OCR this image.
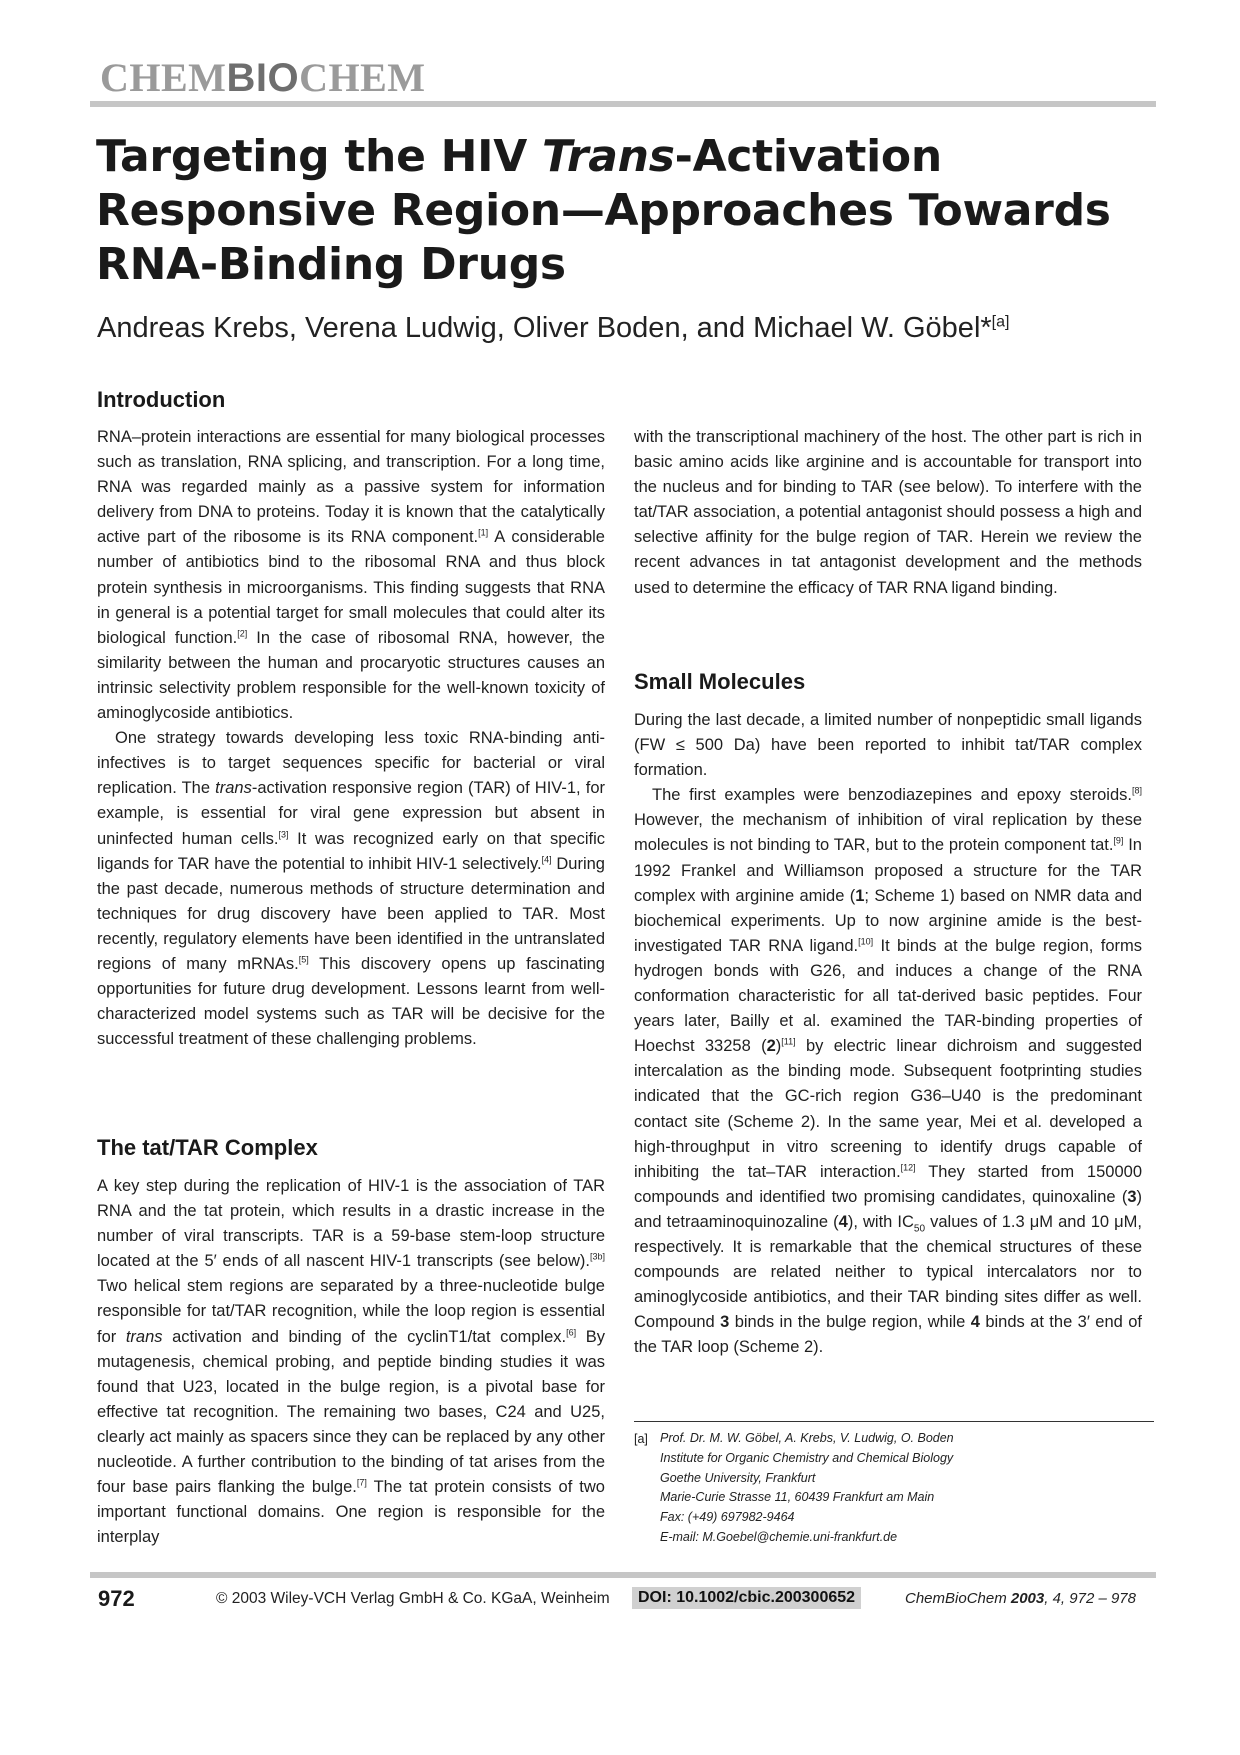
CHEMBIOCHEM
Targeting the HIV Trans-Activation Responsive Region—Approaches Towards RNA-Binding Drugs

Andreas Krebs, Verena Ludwig, Oliver Boden, and Michael W. Göbel*[a]

Introduction

RNA–protein interactions are essential for many biological processes such as translation, RNA splicing, and transcription. For a long time, RNA was regarded mainly as a passive system for information delivery from DNA to proteins. Today it is known that the catalytically active part of the ribosome is its RNA component.[1] A considerable number of antibiotics bind to the ribosomal RNA and thus block protein synthesis in microorganisms. This finding suggests that RNA in general is a potential target for small molecules that could alter its biological function.[2] In the case of ribosomal RNA, however, the similarity between the human and procaryotic structures causes an intrinsic selectivity problem responsible for the well-known toxicity of aminoglycoside antibiotics.

One strategy towards developing less toxic RNA-binding antiinfectives is to target sequences specific for bacterial or viral replication. The trans-activation responsive region (TAR) of HIV-1, for example, is essential for viral gene expression but absent in uninfected human cells.[3] It was recognized early on that specific ligands for TAR have the potential to inhibit HIV-1 selectively.[4] During the past decade, numerous methods of structure determination and techniques for drug discovery have been applied to TAR. Most recently, regulatory elements have been identified in the untranslated regions of many mRNAs.[5] This discovery opens up fascinating opportunities for future drug development. Lessons learnt from well-characterized model systems such as TAR will be decisive for the successful treatment of these challenging problems.

The tat/TAR Complex

A key step during the replication of HIV-1 is the association of TAR RNA and the tat protein, which results in a drastic increase in the number of viral transcripts. TAR is a 59-base stem-loop structure located at the 5′ ends of all nascent HIV-1 transcripts (see below).[3b] Two helical stem regions are separated by a three-nucleotide bulge responsible for tat/TAR recognition, while the loop region is essential for trans activation and binding of the cyclinT1/tat complex.[6] By mutagenesis, chemical probing, and peptide binding studies it was found that U23, located in the bulge region, is a pivotal base for effective tat recognition. The remaining two bases, C24 and U25, clearly act mainly as spacers since they can be replaced by any other nucleotide. A further contribution to the binding of tat arises from the four base pairs flanking the bulge.[7] The tat protein consists of two important functional domains. One region is responsible for the interplay

with the transcriptional machinery of the host. The other part is rich in basic amino acids like arginine and is accountable for transport into the nucleus and for binding to TAR (see below). To interfere with the tat/TAR association, a potential antagonist should possess a high and selective affinity for the bulge region of TAR. Herein we review the recent advances in tat antagonist development and the methods used to determine the efficacy of TAR RNA ligand binding.

Small Molecules

During the last decade, a limited number of nonpeptidic small ligands (FW ≤ 500 Da) have been reported to inhibit tat/TAR complex formation.

The first examples were benzodiazepines and epoxy steroids.[8] However, the mechanism of inhibition of viral replication by these molecules is not binding to TAR, but to the protein component tat.[9] In 1992 Frankel and Williamson proposed a structure for the TAR complex with arginine amide (1; Scheme 1) based on NMR data and biochemical experiments. Up to now arginine amide is the best-investigated TAR RNA ligand.[10] It binds at the bulge region, forms hydrogen bonds with G26, and induces a change of the RNA conformation characteristic for all tat-derived basic peptides. Four years later, Bailly et al. examined the TAR-binding properties of Hoechst 33258 (2)[11] by electric linear dichroism and suggested intercalation as the binding mode. Subsequent footprinting studies indicated that the GC-rich region G36–U40 is the predominant contact site (Scheme 2). In the same year, Mei et al. developed a high-throughput in vitro screening to identify drugs capable of inhibiting the tat–TAR interaction.[12] They started from 150000 compounds and identified two promising candidates, quinoxaline (3) and tetraaminoquinozaline (4), with $IC_{50}$ values of 1.3 μM and 10 μM, respectively. It is remarkable that the chemical structures of these compounds are related neither to typical intercalators nor to aminoglycoside antibiotics, and their TAR binding sites differ as well. Compound 3 binds in the bulge region, while 4 binds at the 3′ end of the TAR loop (Scheme 2).

[a] Prof. Dr. M. W. Göbel, A. Krebs, V. Ludwig, O. Boden
Institute for Organic Chemistry and Chemical Biology
Goethe University, Frankfurt
Marie-Curie Strasse 11, 60439 Frankfurt am Main
Fax: (+49) 697982-9464
E-mail: M.Goebel@chemie.uni-frankfurt.de
972	© 2003 Wiley-VCH Verlag GmbH & Co. KGaA, Weinheim	DOI: 10.1002/cbic.200300652	ChemBioChem 2003, 4, 972 – 978
